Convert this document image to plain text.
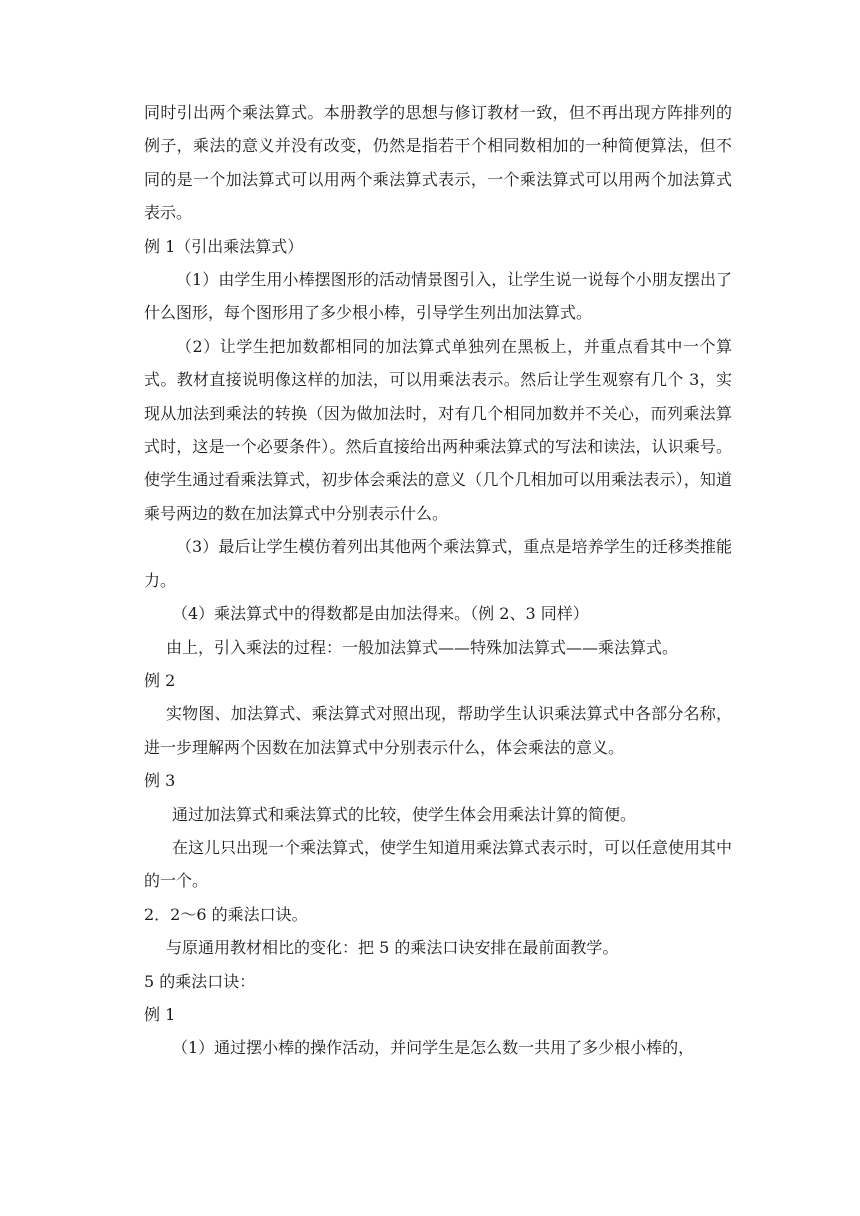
同时引出两个乘法算式。本册教学的思想与修订教材一致，但不再出现方阵排列的例子，乘法的意义并没有改变，仍然是指若干个相同数相加的一种简便算法，但不同的是一个加法算式可以用两个乘法算式表示，一个乘法算式可以用两个加法算式表示。

例 1（引出乘法算式）

（1）由学生用小棒摆图形的活动情景图引入，让学生说一说每个小朋友摆出了什么图形，每个图形用了多少根小棒，引导学生列出加法算式。

（2）让学生把加数都相同的加法算式单独列在黑板上，并重点看其中一个算式。教材直接说明像这样的加法，可以用乘法表示。然后让学生观察有几个 3，实现从加法到乘法的转换（因为做加法时，对有几个相同加数并不关心，而列乘法算式时，这是一个必要条件）。然后直接给出两种乘法算式的写法和读法，认识乘号。使学生通过看乘法算式，初步体会乘法的意义（几个几相加可以用乘法表示），知道乘号两边的数在加法算式中分别表示什么。

（3）最后让学生模仿着列出其他两个乘法算式，重点是培养学生的迁移类推能力。

（4）乘法算式中的得数都是由加法得来。（例 2、3 同样）

由上，引入乘法的过程：一般加法算式——特殊加法算式——乘法算式。

例 2

实物图、加法算式、乘法算式对照出现，帮助学生认识乘法算式中各部分名称，进一步理解两个因数在加法算式中分别表示什么，体会乘法的意义。

例 3

通过加法算式和乘法算式的比较，使学生体会用乘法计算的简便。

在这儿只出现一个乘法算式，使学生知道用乘法算式表示时，可以任意使用其中的一个。

2．2～6 的乘法口诀。

与原通用教材相比的变化：把 5 的乘法口诀安排在最前面教学。

5 的乘法口诀：

例 1

（1）通过摆小棒的操作活动，并问学生是怎么数一共用了多少根小棒的，
